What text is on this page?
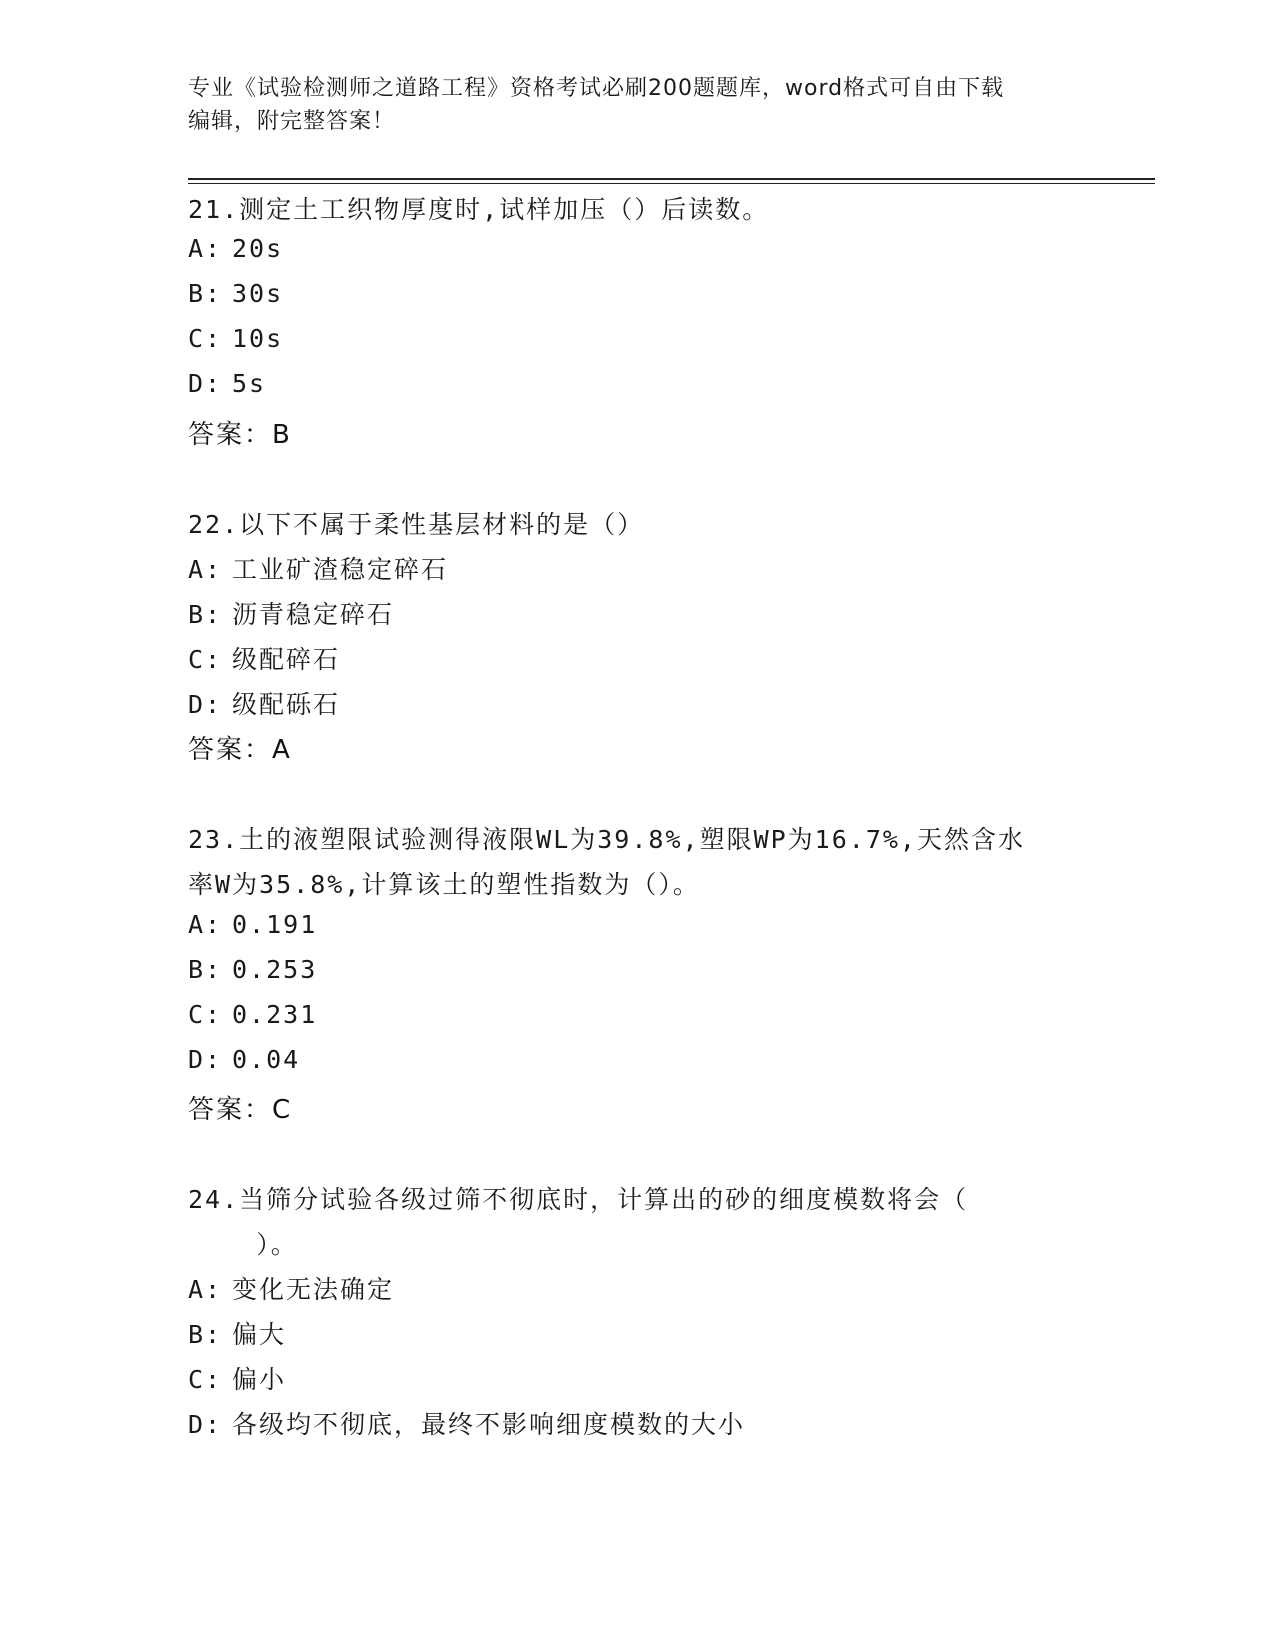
专业《试验检测师之道路工程》资格考试必刷200题题库，word格式可自由下载
编辑，附完整答案！
21.测定土工织物厚度时,试样加压（）后读数。
A: 20s
B: 30s
C: 10s
D: 5s
答案：B
22.以下不属于柔性基层材料的是（）
A: 工业矿渣稳定碎石
B: 沥青稳定碎石
C: 级配碎石
D: 级配砾石
答案：A
23.土的液塑限试验测得液限WL为39.8%,塑限WP为16.7%,天然含水
率W为35.8%,计算该土的塑性指数为（）。
A: 0.191
B: 0.253
C: 0.231
D: 0.04
答案：C
24.当筛分试验各级过筛不彻底时，计算出的砂的细度模数将会（
）。
A: 变化无法确定
B: 偏大
C: 偏小
D: 各级均不彻底，最终不影响细度模数的大小
